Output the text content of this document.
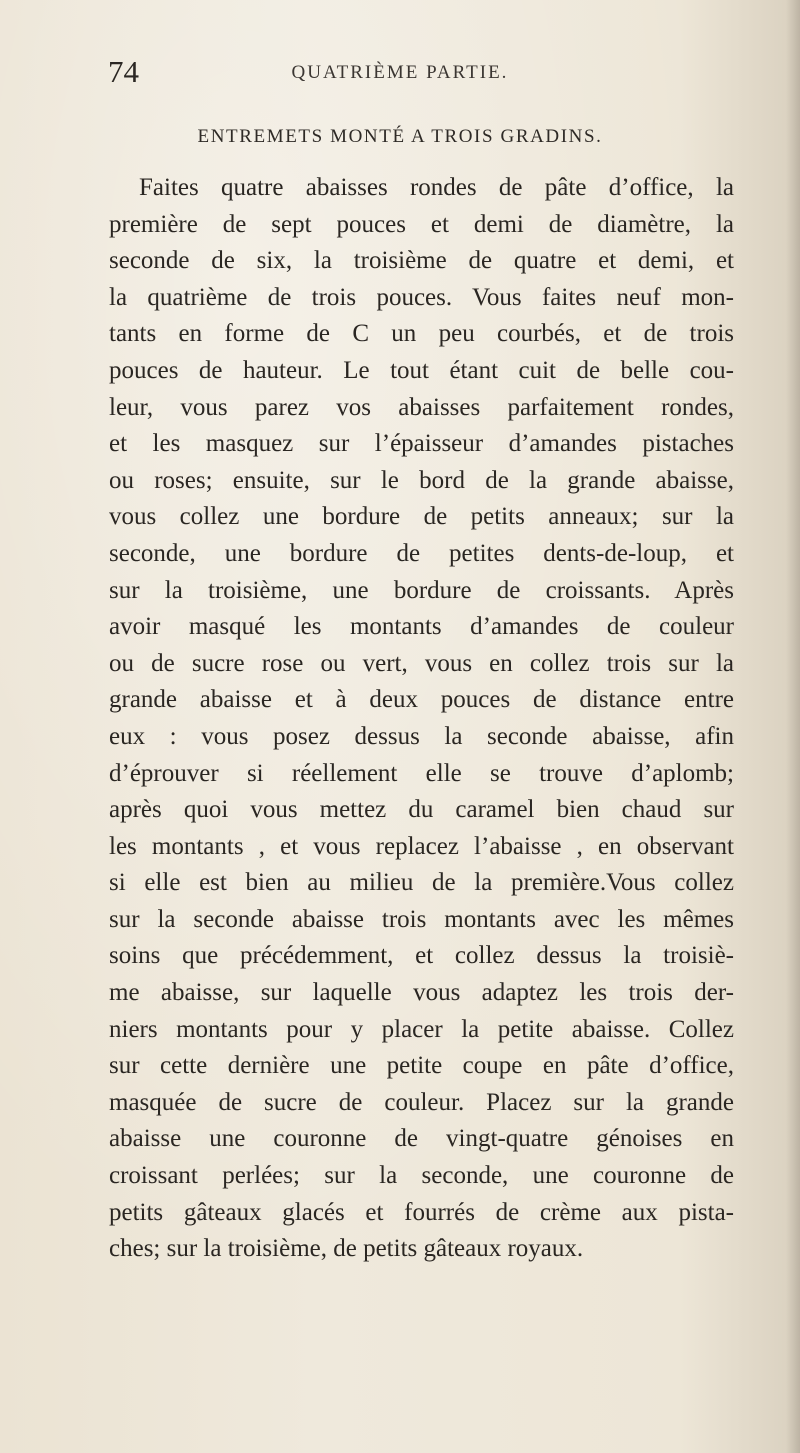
74	QUATRIÈME PARTIE.
ENTREMETS MONTÉ A TROIS GRADINS.
Faites quatre abaisses rondes de pâte d’office, la
première de sept pouces et demi de diamètre, la
seconde de six, la troisième de quatre et demi, et
la quatrième de trois pouces. Vous faites neuf mon-
tants en forme de C un peu courbés, et de trois
pouces de hauteur. Le tout étant cuit de belle cou-
leur, vous parez vos abaisses parfaitement rondes,
et les masquez sur l’épaisseur d’amandes pistaches
ou roses; ensuite, sur le bord de la grande abaisse,
vous collez une bordure de petits anneaux; sur la
seconde, une bordure de petites dents-de-loup, et
sur la troisième, une bordure de croissants. Après
avoir masqué les montants d’amandes de couleur
ou de sucre rose ou vert, vous en collez trois sur la
grande abaisse et à deux pouces de distance entre
eux : vous posez dessus la seconde abaisse, afin
d’éprouver si réellement elle se trouve d’aplomb;
après quoi vous mettez du caramel bien chaud sur
les montants , et vous replacez l’abaisse , en observant
si elle est bien au milieu de la première.Vous collez
sur la seconde abaisse trois montants avec les mêmes
soins que précédemment, et collez dessus la troisiè-
me abaisse, sur laquelle vous adaptez les trois der-
niers montants pour y placer la petite abaisse. Collez
sur cette dernière une petite coupe en pâte d’office,
masquée de sucre de couleur. Placez sur la grande
abaisse une couronne de vingt-quatre génoises en
croissant perlées; sur la seconde, une couronne de
petits gâteaux glacés et fourrés de crème aux pista-
ches; sur la troisième, de petits gâteaux royaux.
